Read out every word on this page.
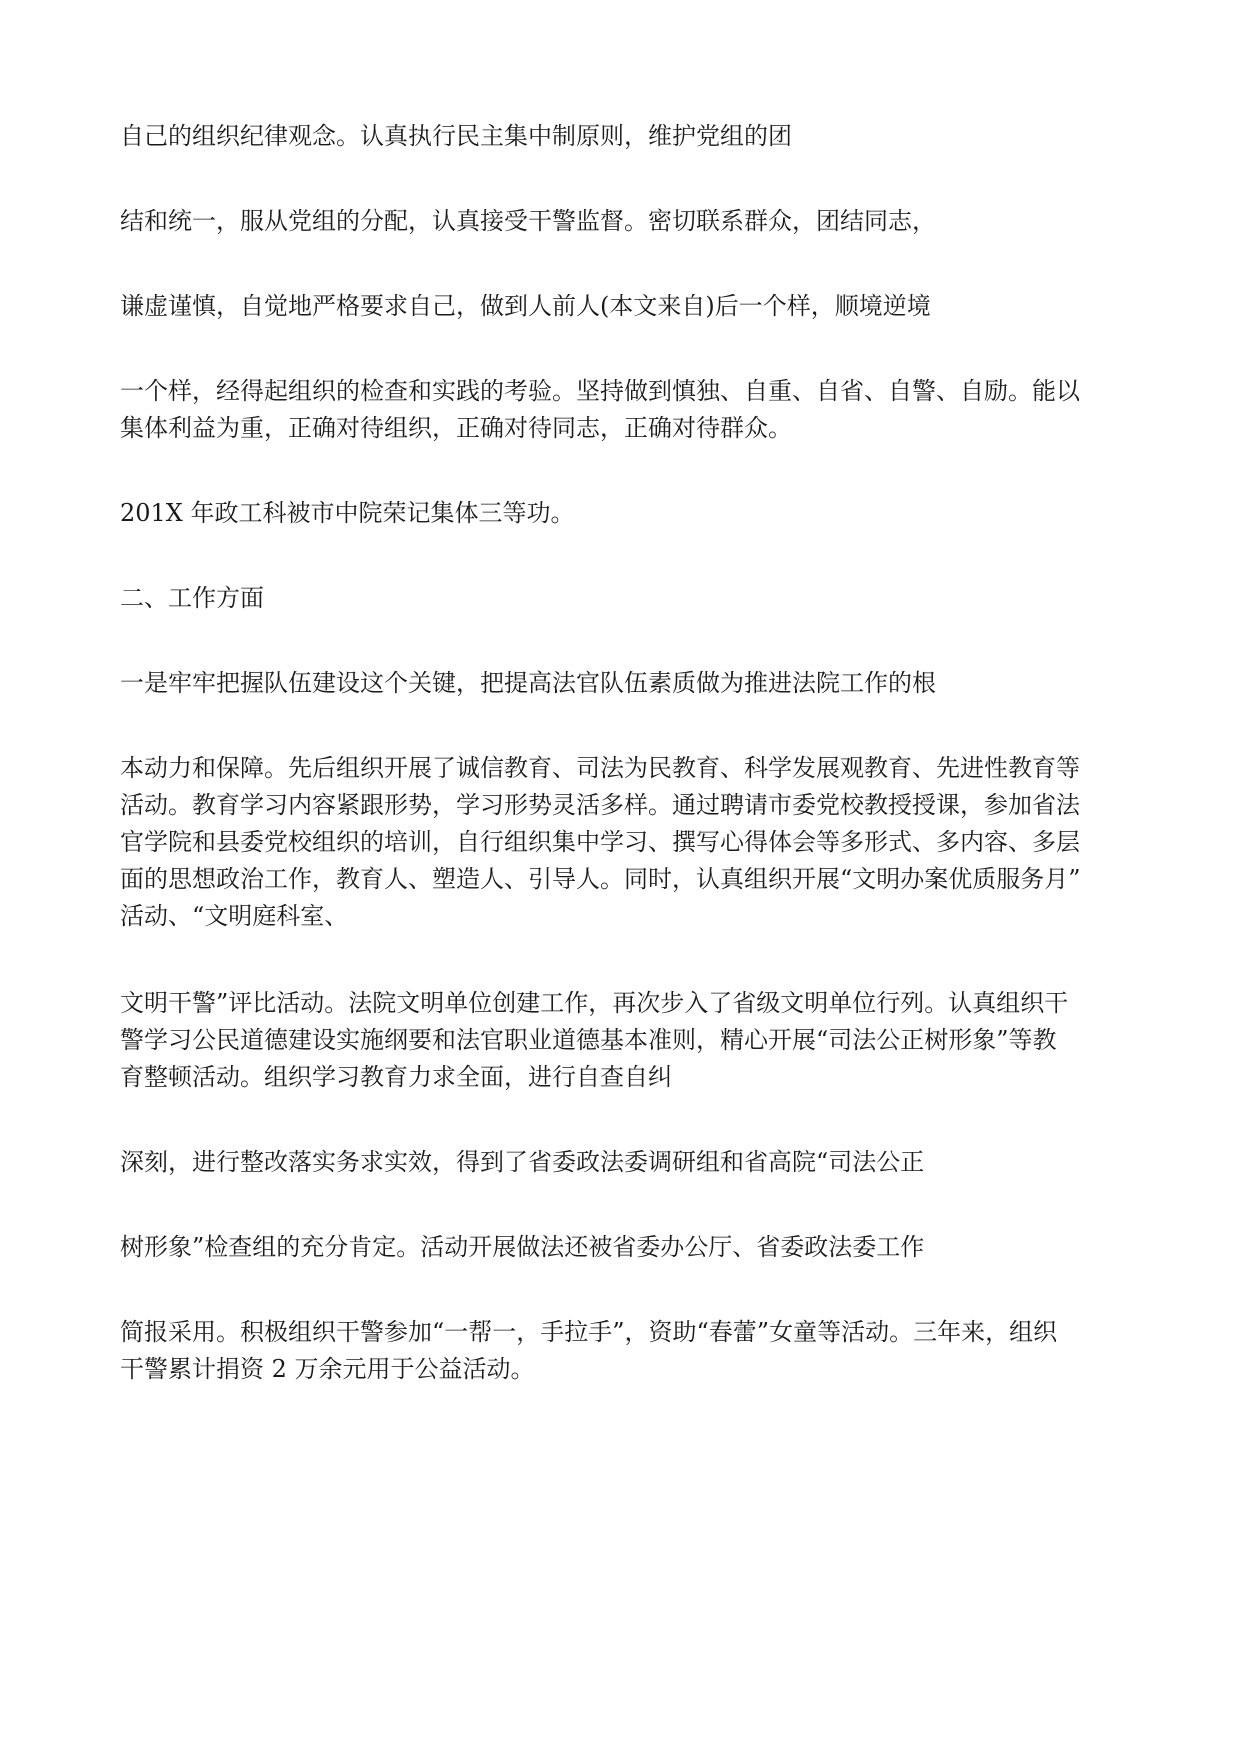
自己的组织纪律观念。认真执行民主集中制原则，维护党组的团

结和统一，服从党组的分配，认真接受干警监督。密切联系群众，团结同志，

谦虚谨慎，自觉地严格要求自己，做到人前人(本文来自)后一个样，顺境逆境

一个样，经得起组织的检查和实践的考验。坚持做到慎独、自重、自省、自警、自励。能以
集体利益为重，正确对待组织，正确对待同志，正确对待群众。

201X 年政工科被市中院荣记集体三等功。

二、工作方面

一是牢牢把握队伍建设这个关键，把提高法官队伍素质做为推进法院工作的根

本动力和保障。先后组织开展了诚信教育、司法为民教育、科学发展观教育、先进性教育等
活动。教育学习内容紧跟形势，学习形势灵活多样。通过聘请市委党校教授授课，参加省法
官学院和县委党校组织的培训，自行组织集中学习、撰写心得体会等多形式、多内容、多层
面的思想政治工作，教育人、塑造人、引导人。同时，认真组织开展“文明办案优质服务月”
活动、“文明庭科室、

文明干警”评比活动。法院文明单位创建工作，再次步入了省级文明单位行列。认真组织干
警学习公民道德建设实施纲要和法官职业道德基本准则，精心开展“司法公正树形象”等教
育整顿活动。组织学习教育力求全面，进行自查自纠

深刻，进行整改落实务求实效，得到了省委政法委调研组和省高院“司法公正

树形象”检查组的充分肯定。活动开展做法还被省委办公厅、省委政法委工作

简报采用。积极组织干警参加“一帮一，手拉手”，资助“春蕾”女童等活动。三年来，组织
干警累计捐资 2 万余元用于公益活动。
